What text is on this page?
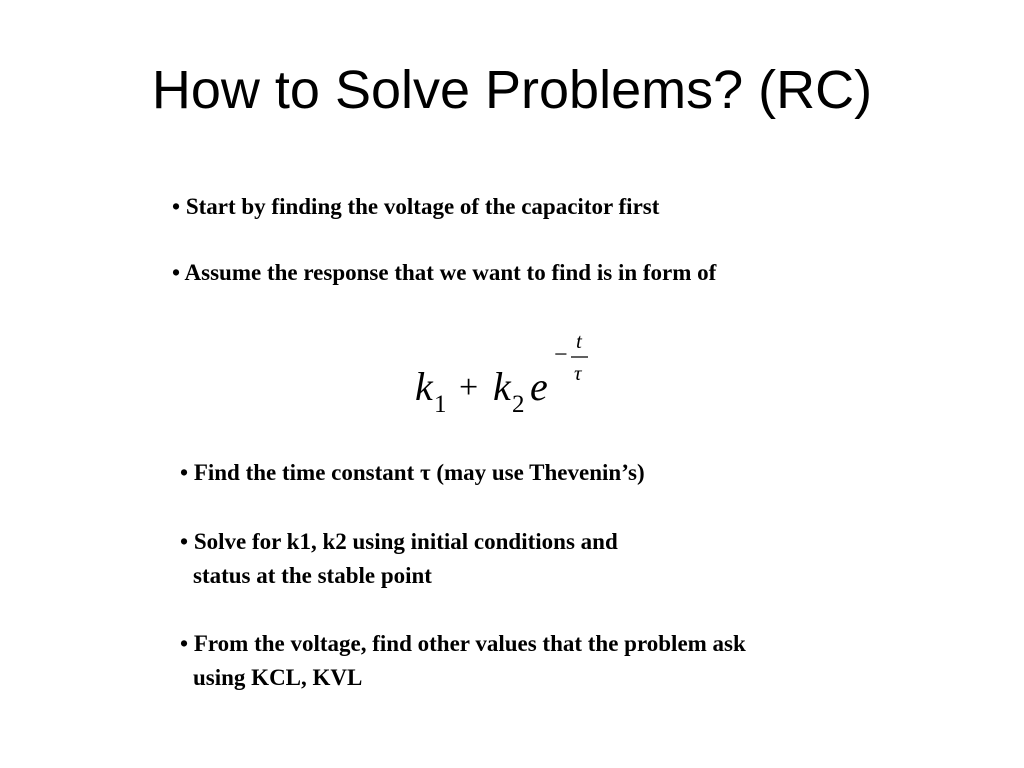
How to Solve Problems? (RC)

• Start by finding the voltage of the capacitor first

• Assume the response that we want to find is in form of

k 1 + k 2 e
−
t
τ

• Find the time constant τ (may use Thevenin’s)

• Solve for k1, k2 using initial conditions and
status at the stable point

• From the voltage, find other values that the problem ask
using KCL, KVL
